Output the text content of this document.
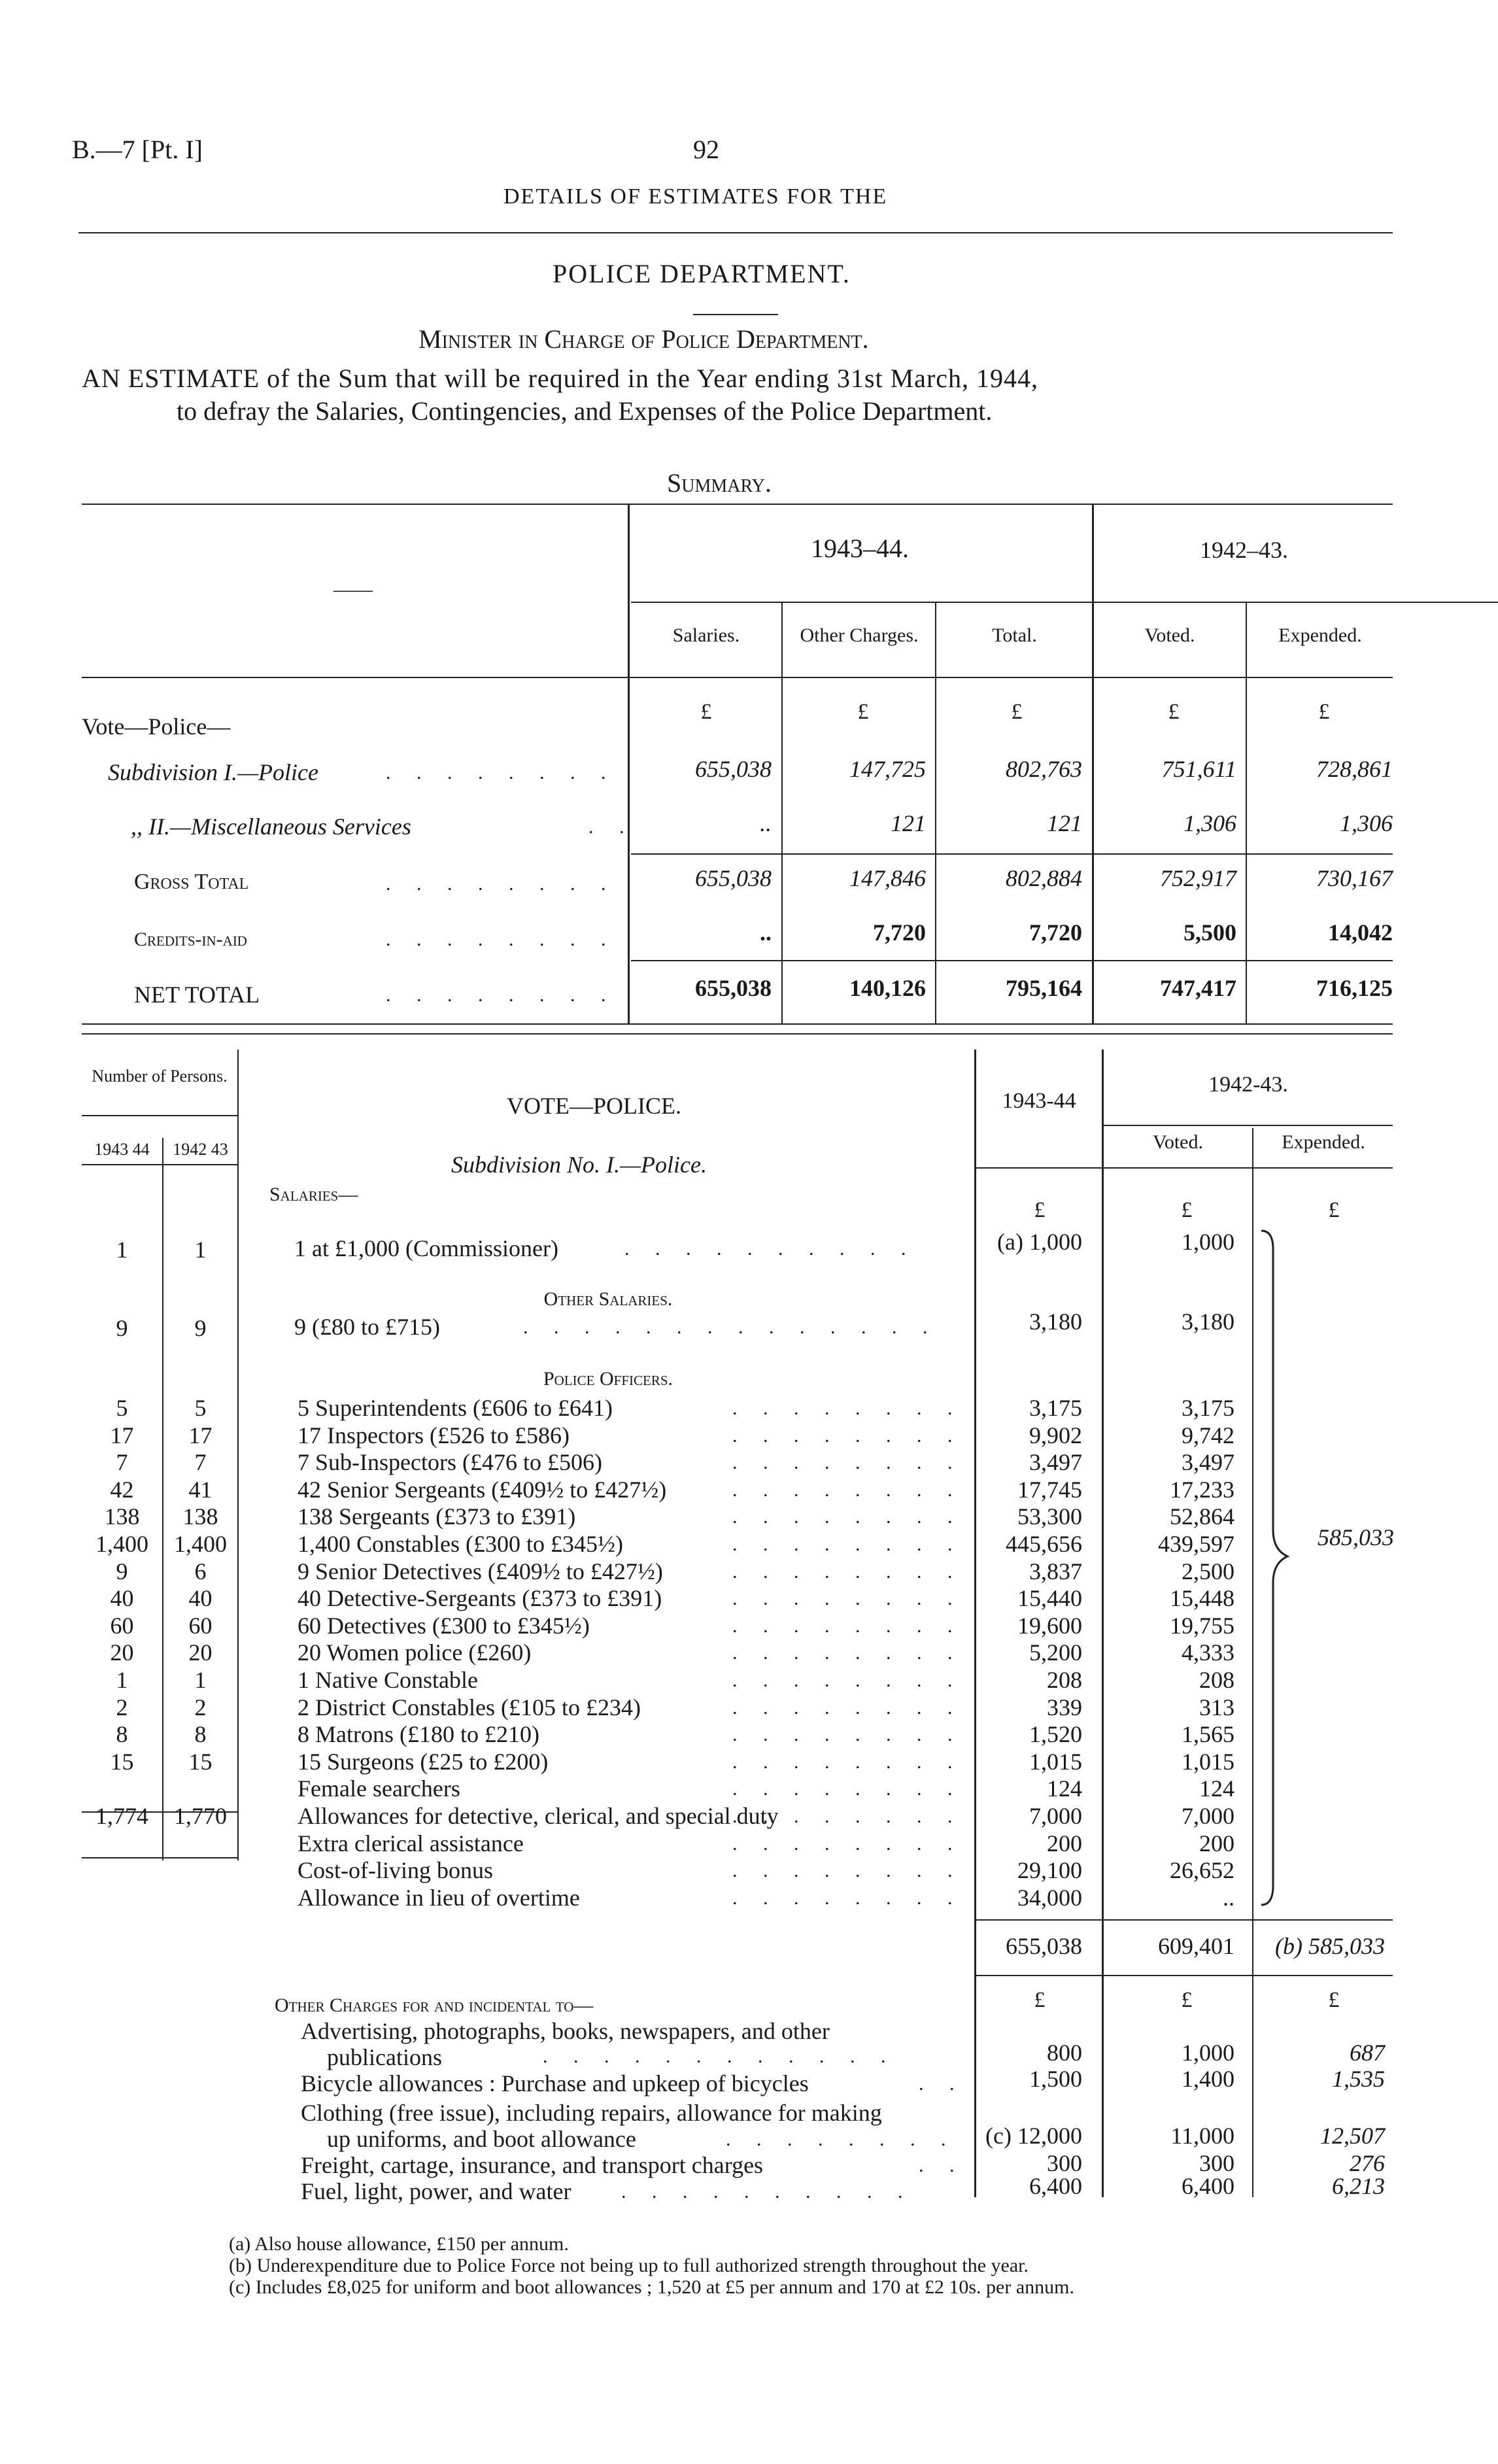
B.—7 [Pt. I]	92
DETAILS OF ESTIMATES FOR THE
POLICE DEPARTMENT.
Minister in Charge of Police Department.
AN ESTIMATE of the Sum that will be required in the Year ending 31st March, 1944,
to defray the Salaries, Contingencies, and Expenses of the Police Department.
Summary.
——
1943–44.	1942–43.
Salaries.	Other Charges.	Total.	Voted.	Expended.
£	£	£	£	£
Vote—Police—
Subdivision I.—Police	. . . . . . . .	655,038	147,725	802,763	751,611	728,861
,, II.—Miscellaneous Services	. .	..	121	121	1,306	1,306
Gross Total	. . . . . . . .	655,038	147,846	802,884	752,917	730,167
Credits-in-aid	. . . . . . . .	..	7,720	7,720	5,500	14,042
NET TOTAL	. . . . . . . .	655,038	140,126	795,164	747,417	716,125
Number of Persons.
1943 44	1942 43
VOTE—POLICE.
Subdivision No. I.—Police.
1943-44
1942-43.
Voted.	Expended.
Salaries—
£	£	£
1	1	1 at £1,000 (Commissioner)	. . . . . . . . . .	(a) 1,000	1,000
Other Salaries.
9	9	9 (£80 to £715)	. . . . . . . . . . . . . .	3,180	3,180
Police Officers.
5	5	5 Superintendents (£606 to £641)	3,175	3,175
. . . . . . . .
17	17	17 Inspectors (£526 to £586)	9,902	9,742
. . . . . . . .
7	7	7 Sub-Inspectors (£476 to £506)	3,497	3,497
. . . . . . . .
42	41	42 Senior Sergeants (£409½ to £427½)	17,745	17,233
. . . . . . . .
138	138	138 Sergeants (£373 to £391)	53,300	52,864
. . . . . . . .
1,400	1,400	1,400 Constables (£300 to £345½)	445,656	439,597
. . . . . . . .
9	6	9 Senior Detectives (£409½ to £427½)	3,837	2,500
. . . . . . . .
40	40	40 Detective-Sergeants (£373 to £391)	15,440	15,448
. . . . . . . .
60	60	60 Detectives (£300 to £345½)	19,600	19,755
. . . . . . . .
20	20	20 Women police (£260)	5,200	4,333
. . . . . . . .
1	1	1 Native Constable	208	208
. . . . . . . .
2	2	2 District Constables (£105 to £234)	339	313
. . . . . . . .
8	8	8 Matrons (£180 to £210)	1,520	1,565
. . . . . . . .
15	15	15 Surgeons (£25 to £200)	1,015	1,015
. . . . . . . .
Female searchers	124	124
. . . . . . . .
1,774	1,770	Allowances for detective, clerical, and special duty	7,000	7,000
. . . . . . . .
Extra clerical assistance	200	200
. . . . . . . .
Cost-of-living bonus	29,100	26,652
. . . . . . . .
Allowance in lieu of overtime	34,000	..
. . . . . . . .
585,033
655,038	609,401	(b) 585,033
Other Charges for and incidental to—	£	£	£
Advertising, photographs, books, newspapers, and other
publications	. . . . . . . . . . . .	800	1,000	687
Bicycle allowances : Purchase and upkeep of bicycles	. .	1,500	1,400	1,535
Clothing (free issue), including repairs, allowance for making
up uniforms, and boot allowance	. . . . . . . .	(c) 12,000	11,000	12,507
Freight, cartage, insurance, and transport charges	. .	300	300	276
Fuel, light, power, and water	. . . . . . . . . .	6,400	6,400	6,213
(a) Also house allowance, £150 per annum.
(b) Underexpenditure due to Police Force not being up to full authorized strength throughout the year.
(c) Includes £8,025 for uniform and boot allowances ; 1,520 at £5 per annum and 170 at £2 10s. per annum.
